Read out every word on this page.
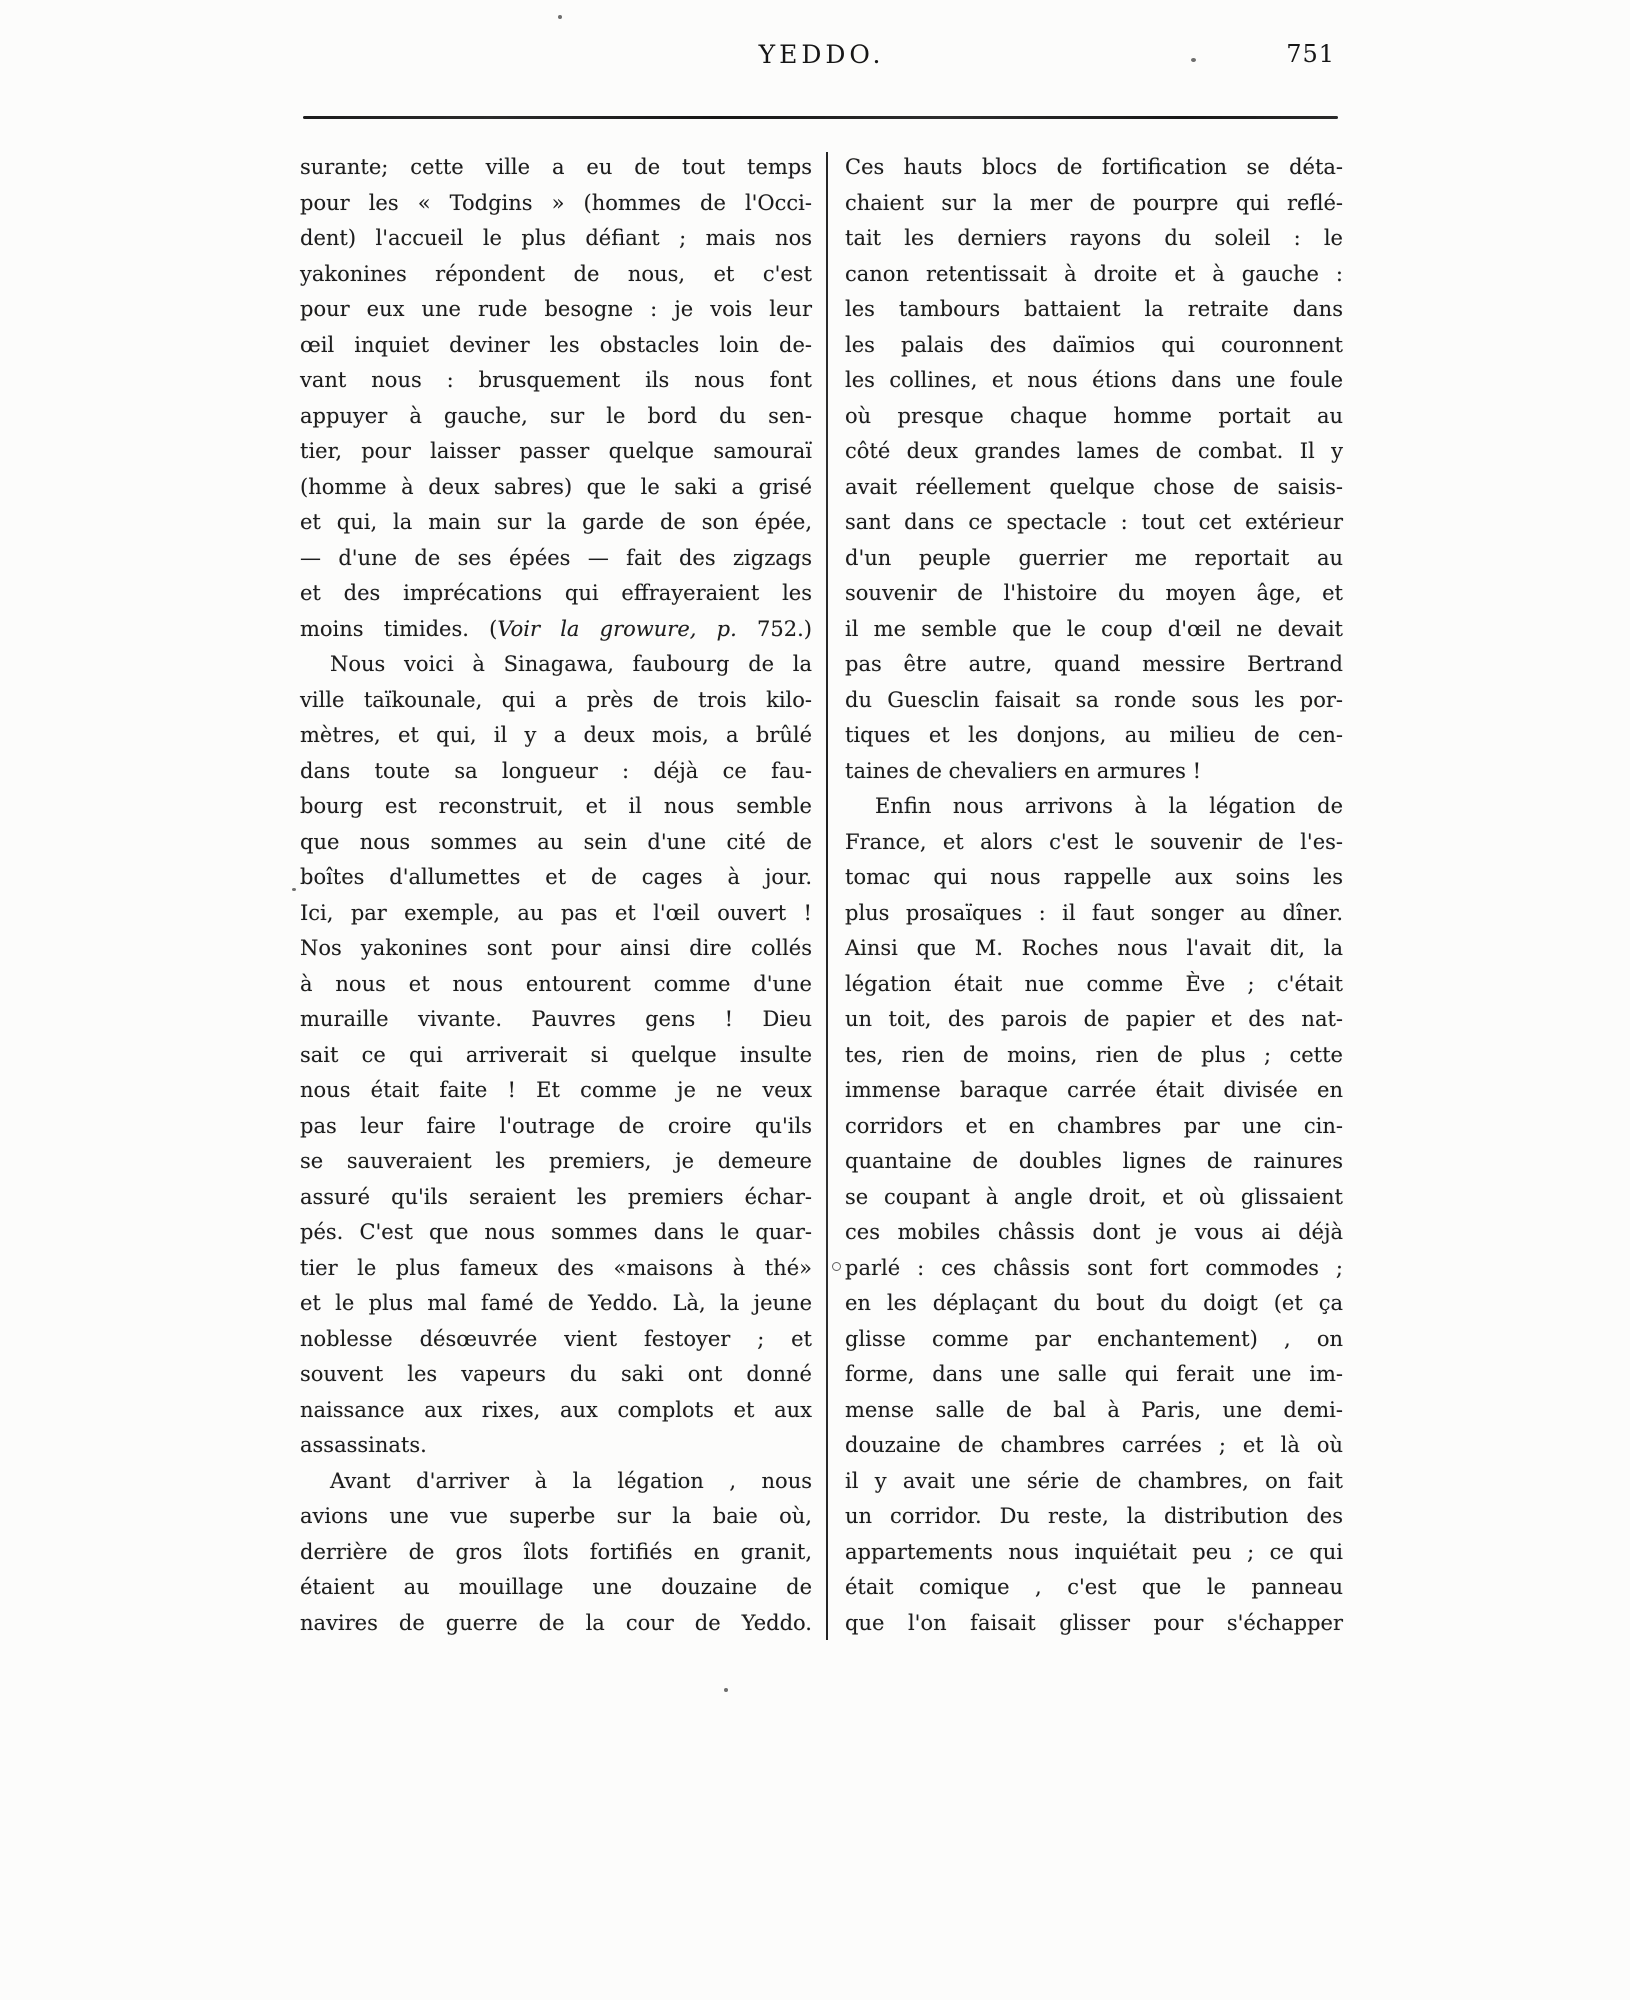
YEDDO.	751
surante; cette ville a eu de tout temps
pour les « Todgins » (hommes de l'Occi-
dent) l'accueil le plus défiant ; mais nos
yakonines répondent de nous, et c'est
pour eux une rude besogne : je vois leur
œil inquiet deviner les obstacles loin de-
vant nous : brusquement ils nous font
appuyer à gauche, sur le bord du sen-
tier, pour laisser passer quelque samouraï
(homme à deux sabres) que le saki a grisé
et qui, la main sur la garde de son épée,
— d'une de ses épées — fait des zigzags
et des imprécations qui effrayeraient les
moins timides. (Voir la growure, p. 752.)
Nous voici à Sinagawa, faubourg de la
ville taïkounale, qui a près de trois kilo-
mètres, et qui, il y a deux mois, a brûlé
dans toute sa longueur : déjà ce fau-
bourg est reconstruit, et il nous semble
que nous sommes au sein d'une cité de
boîtes d'allumettes et de cages à jour.
Ici, par exemple, au pas et l'œil ouvert !
Nos yakonines sont pour ainsi dire collés
à nous et nous entourent comme d'une
muraille vivante. Pauvres gens ! Dieu
sait ce qui arriverait si quelque insulte
nous était faite ! Et comme je ne veux
pas leur faire l'outrage de croire qu'ils
se sauveraient les premiers, je demeure
assuré qu'ils seraient les premiers échar-
pés. C'est que nous sommes dans le quar-
tier le plus fameux des «maisons à thé»
et le plus mal famé de Yeddo. Là, la jeune
noblesse désœuvrée vient festoyer ; et
souvent les vapeurs du saki ont donné
naissance aux rixes, aux complots et aux
assassinats.
Avant d'arriver à la légation , nous
avions une vue superbe sur la baie où,
derrière de gros îlots fortifiés en granit,
étaient au mouillage une douzaine de
navires de guerre de la cour de Yeddo.
Ces hauts blocs de fortification se déta-
chaient sur la mer de pourpre qui reflé-
tait les derniers rayons du soleil : le
canon retentissait à droite et à gauche :
les tambours battaient la retraite dans
les palais des daïmios qui couronnent
les collines, et nous étions dans une foule
où presque chaque homme portait au
côté deux grandes lames de combat. Il y
avait réellement quelque chose de saisis-
sant dans ce spectacle : tout cet extérieur
d'un peuple guerrier me reportait au
souvenir de l'histoire du moyen âge, et
il me semble que le coup d'œil ne devait
pas être autre, quand messire Bertrand
du Guesclin faisait sa ronde sous les por-
tiques et les donjons, au milieu de cen-
taines de chevaliers en armures !
Enfin nous arrivons à la légation de
France, et alors c'est le souvenir de l'es-
tomac qui nous rappelle aux soins les
plus prosaïques : il faut songer au dîner.
Ainsi que M. Roches nous l'avait dit, la
légation était nue comme Ève ; c'était
un toit, des parois de papier et des nat-
tes, rien de moins, rien de plus ; cette
immense baraque carrée était divisée en
corridors et en chambres par une cin-
quantaine de doubles lignes de rainures
se coupant à angle droit, et où glissaient
ces mobiles châssis dont je vous ai déjà
parlé : ces châssis sont fort commodes ;
en les déplaçant du bout du doigt (et ça
glisse comme par enchantement) , on
forme, dans une salle qui ferait une im-
mense salle de bal à Paris, une demi-
douzaine de chambres carrées ; et là où
il y avait une série de chambres, on fait
un corridor. Du reste, la distribution des
appartements nous inquiétait peu ; ce qui
était comique , c'est que le panneau
que l'on faisait glisser pour s'échapper
